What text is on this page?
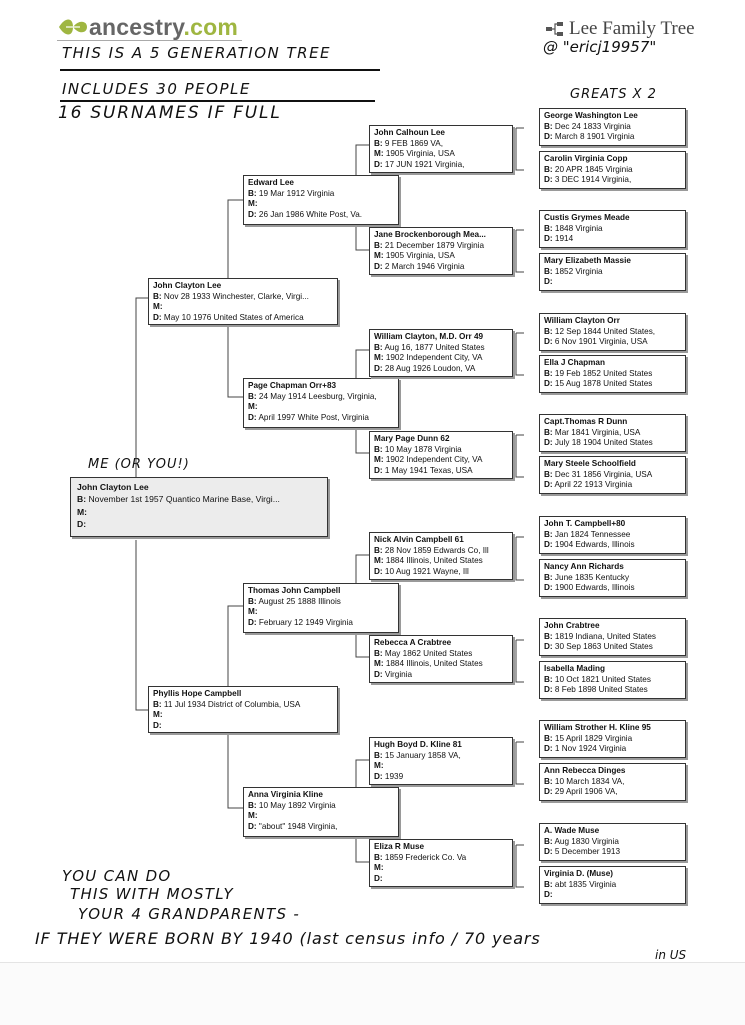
ancestry.com	Lee Family Tree
@ "ericj19957"
THIS IS A 5 GENERATION TREE
INCLUDES 30 PEOPLE
16 SURNAMES IF FULL
GREATS X 2
ME (OR YOU!)
John Clayton Lee
B: November 1st 1957 Quantico Marine Base, Virgi...
M:
D:
John Clayton Lee
B: Nov 28 1933 Winchester, Clarke, Virgi...
M:
D: May 10 1976 United States of America
Phyllis Hope Campbell
B: 11 Jul 1934 District of Columbia, USA
M:
D:
Edward Lee
B: 19 Mar 1912 Virginia
M:
D: 26 Jan 1986 White Post, Va.
Page Chapman Orr+83
B: 24 May 1914 Leesburg, Virginia,
M:
D: April 1997 White Post, Virginia
Thomas John Campbell
B: August 25 1888 Illinois
M:
D: February 12 1949 Virginia
Anna Virginia Kline
B: 10 May 1892 Virginia
M:
D: "about" 1948 Virginia,
John Calhoun Lee
B: 9 FEB 1869 VA,
M: 1905 Virginia, USA
D: 17 JUN 1921 Virginia,
Jane Brockenborough Mea...
B: 21 December 1879 Virginia
M: 1905 Virginia, USA
D: 2 March 1946 Virginia
William Clayton, M.D. Orr 49
B: Aug 16, 1877 United States
M: 1902 Independent City, VA
D: 28 Aug 1926 Loudon, VA
Mary Page Dunn 62
B: 10 May 1878 Virginia
M: 1902 Independent City, VA
D: 1 May 1941 Texas, USA
Nick Alvin Campbell 61
B: 28 Nov 1859 Edwards Co, Ill
M: 1884 Illinois, United States
D: 10 Aug 1921 Wayne, Ill
Rebecca A Crabtree
B: May 1862 United States
M: 1884 Illinois, United States
D: Virginia
Hugh Boyd D. Kline 81
B: 15 January 1858 VA,
M:
D: 1939
Eliza R Muse
B: 1859 Frederick Co. Va
M:
D:
George Washington Lee
B: Dec 24 1833 Virginia
D: March 8 1901 Virginia
Carolin Virginia Copp
B: 20 APR 1845 Virginia
D: 3 DEC 1914 Virginia,
Custis Grymes Meade
B: 1848 Virginia
D: 1914
Mary Elizabeth Massie
B: 1852 Virginia
D:
William Clayton Orr
B: 12 Sep 1844 United States,
D: 6 Nov 1901 Virginia, USA
Ella J Chapman
B: 19 Feb 1852 United States
D: 15 Aug 1878 United States
Capt.Thomas R Dunn
B: Mar 1841 Virginia, USA
D: July 18 1904 United States
Mary Steele Schoolfield
B: Dec 31 1856 Virginia, USA
D: April 22 1913 Virginia
John T. Campbell+80
B: Jan 1824 Tennessee
D: 1904 Edwards, Illinois
Nancy Ann Richards
B: June 1835 Kentucky
D: 1900 Edwards, Illinois
John Crabtree
B: 1819 Indiana, United States
D: 30 Sep 1863 United States
Isabella Mading
B: 10 Oct 1821 United States
D: 8 Feb 1898 United States
William Strother H. Kline 95
B: 15 April 1829 Virginia
D: 1 Nov 1924 Virginia
Ann Rebecca Dinges
B: 10 March 1834 VA,
D: 29 April 1906 VA,
A. Wade Muse
B: Aug 1830 Virginia
D: 5 December 1913
Virginia D. (Muse)
B: abt 1835 Virginia
D:
YOU CAN DO
THIS WITH MOSTLY
YOUR 4 GRANDPARENTS -
IF THEY WERE BORN BY 1940 (last census info / 70 years
in US
